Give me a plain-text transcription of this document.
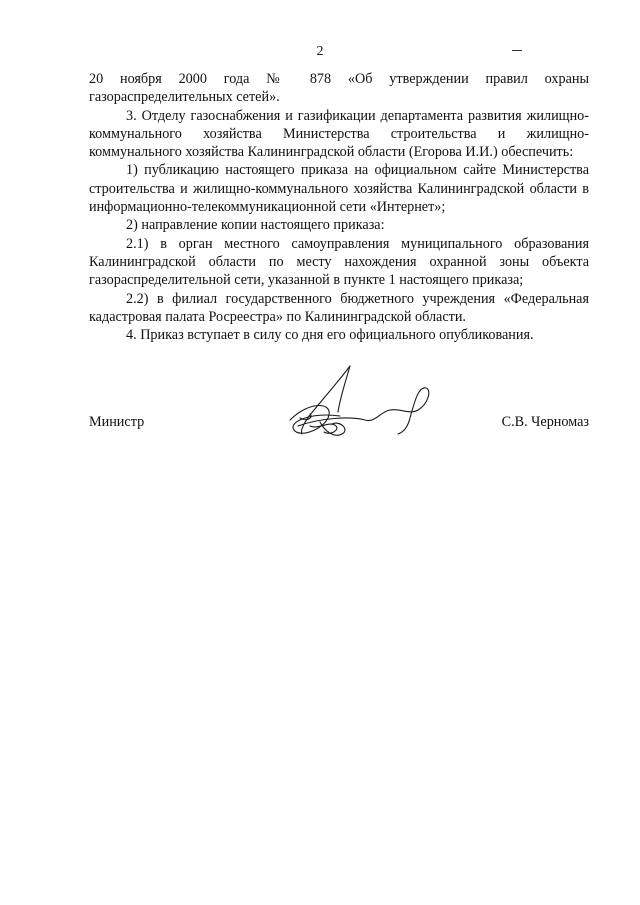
2

20 ноября 2000 года № 878 «Об утверждении правил охраны газораспределительных сетей».

3. Отделу газоснабжения и газификации департамента развития жилищно-коммунального хозяйства Министерства строительства и жилищно-коммунального хозяйства Калининградской области (Егорова И.И.) обеспечить:

1) публикацию настоящего приказа на официальном сайте Министерства строительства и жилищно-коммунального хозяйства Калининградской области в информационно-телекоммуникационной сети «Интернет»;

2) направление копии настоящего приказа:

2.1) в орган местного самоуправления муниципального образования Калининградской области по месту нахождения охранной зоны объекта газораспределительной сети, указанной в пункте 1 настоящего приказа;

2.2) в филиал государственного бюджетного учреждения «Федеральная кадастровая палата Росреестра» по Калининградской области.

4. Приказ вступает в силу со дня его официального опубликования.

Министр	С.В. Черномаз
